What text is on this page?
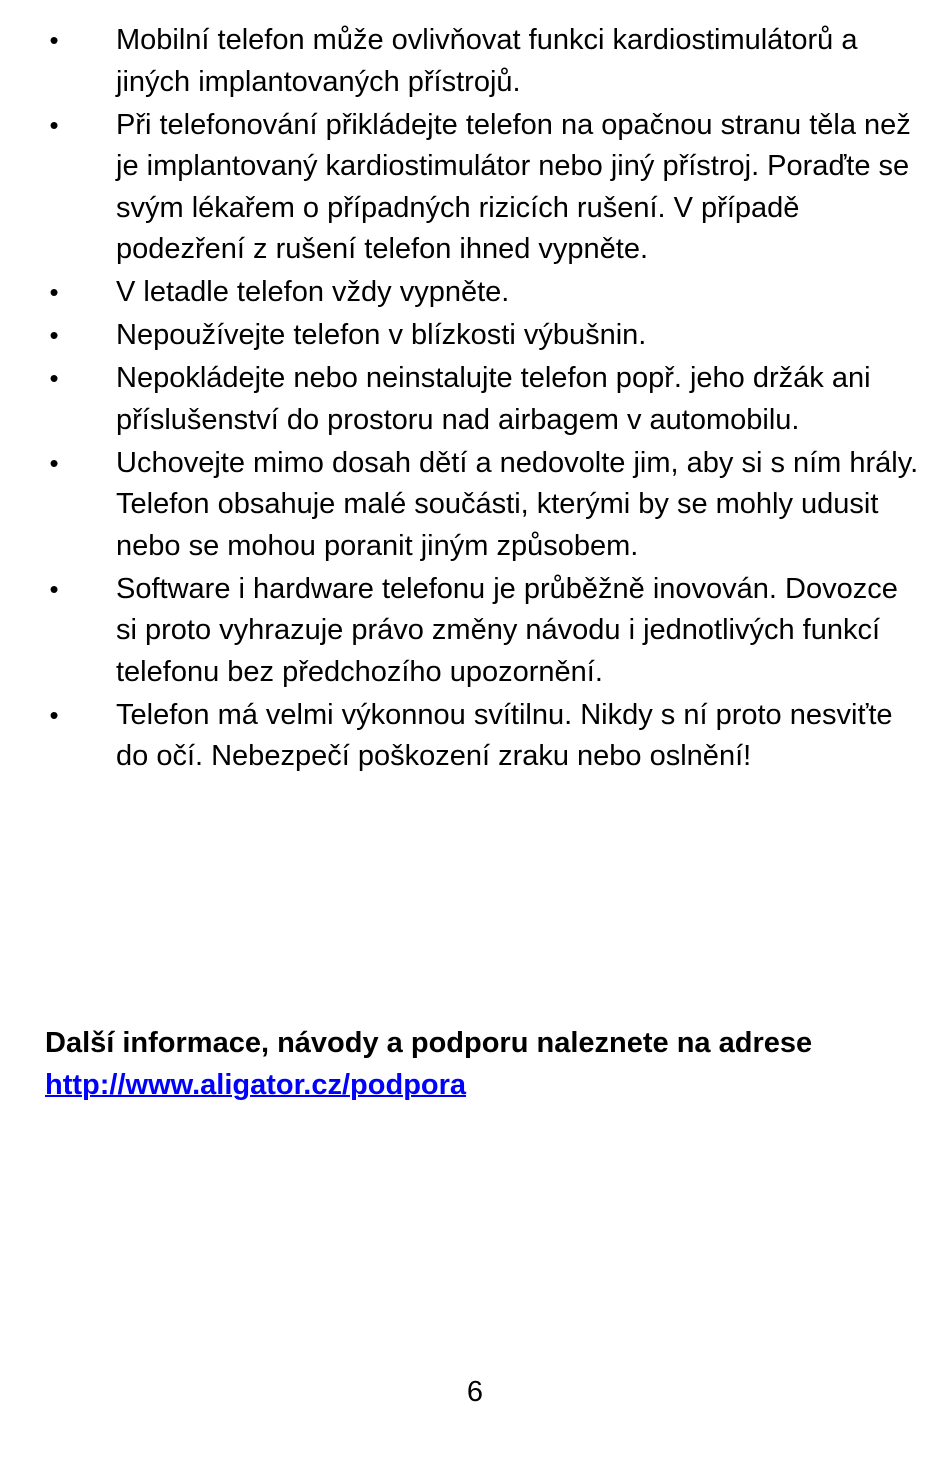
• Mobilní telefon může ovlivňovat funkci kardiostimulátorů a jiných implantovaných přístrojů.
• Při telefonování přikládejte telefon na opačnou stranu těla než je implantovaný kardiostimulátor nebo jiný přístroj. Poraďte se svým lékařem o případných rizicích rušení. V případě podezření z rušení telefon ihned vypněte.
• V letadle telefon vždy vypněte.
• Nepoužívejte telefon v blízkosti výbušnin.
• Nepokládejte nebo neinstalujte telefon popř. jeho držák ani příslušenství do prostoru nad airbagem v automobilu.
• Uchovejte mimo dosah dětí a nedovolte jim, aby si s ním hrály. Telefon obsahuje malé součásti, kterými by se mohly udusit nebo se mohou poranit jiným způsobem.
• Software i hardware telefonu je průběžně inovován. Dovozce si proto vyhrazuje právo změny návodu i jednotlivých funkcí telefonu bez předchozího upozornění.
• Telefon má velmi výkonnou svítilnu. Nikdy s ní proto nesviťte do očí. Nebezpečí poškození zraku nebo oslnění!
Další informace, návody a podporu naleznete na adrese
http://www.aligator.cz/podpora
6
